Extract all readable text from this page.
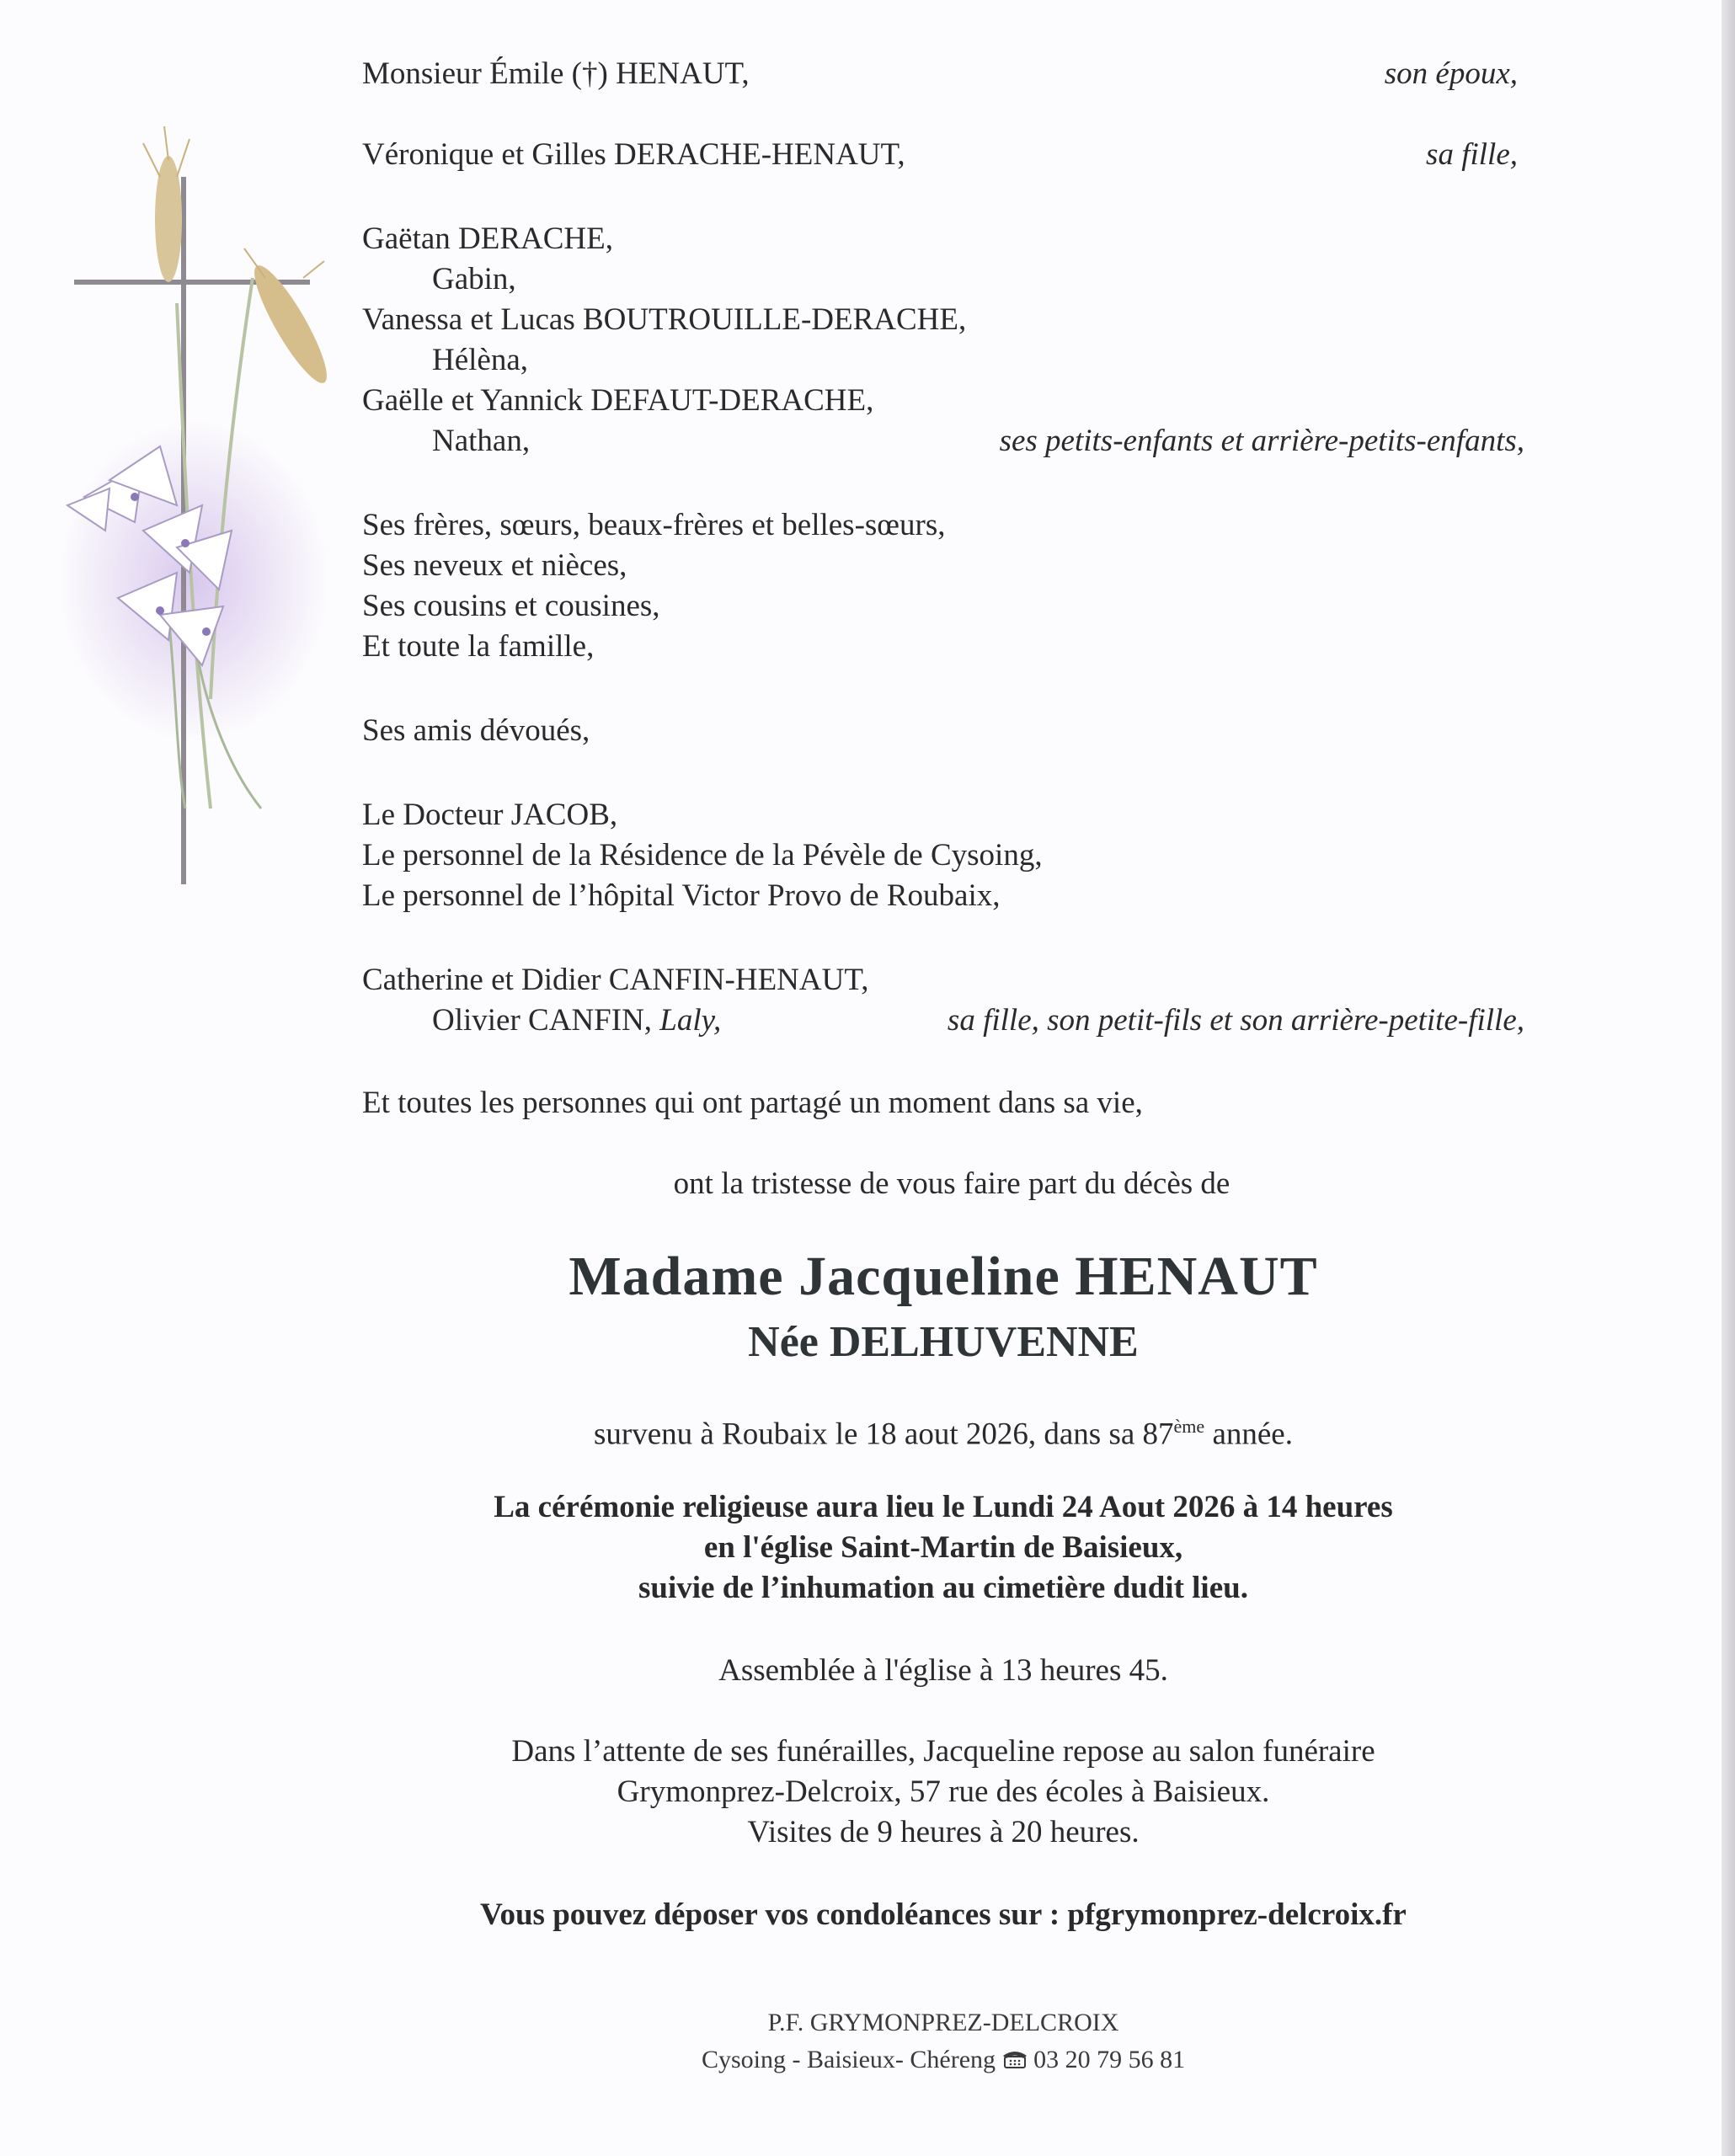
Monsieur Émile (†) HENAUT,	son époux,
Véronique et Gilles DERACHE-HENAUT,	sa fille,
Gaëtan DERACHE,
Gabin,
Vanessa et Lucas BOUTROUILLE-DERACHE,
Hélèna,
Gaëlle et Yannick DEFAUT-DERACHE,
Nathan,	ses petits-enfants et arrière-petits-enfants,
Ses frères, sœurs, beaux-frères et belles-sœurs,
Ses neveux et nièces,
Ses cousins et cousines,
Et toute la famille,
Ses amis dévoués,
Le Docteur JACOB,
Le personnel de la Résidence de la Pévèle de Cysoing,
Le personnel de l’hôpital Victor Provo de Roubaix,
Catherine et Didier CANFIN-HENAUT,
Olivier CANFIN, Laly,	sa fille, son petit-fils et son arrière-petite-fille,
Et toutes les personnes qui ont partagé un moment dans sa vie,
ont la tristesse de vous faire part du décès de
Madame Jacqueline HENAUT
Née DELHUVENNE
survenu à Roubaix le 18 aout 2026, dans sa 87ème année.
La cérémonie religieuse aura lieu le Lundi 24 Aout 2026 à 14 heures
en l'église Saint-Martin de Baisieux,
suivie de l’inhumation au cimetière dudit lieu.
Assemblée à l'église à 13 heures 45.
Dans l’attente de ses funérailles, Jacqueline repose au salon funéraire
Grymonprez-Delcroix, 57 rue des écoles à Baisieux.
Visites de 9 heures à 20 heures.
Vous pouvez déposer vos condoléances sur : pfgrymonprez-delcroix.fr
P.F. GRYMONPREZ-DELCROIX
Cysoing - Baisieux- Chéreng 03 20 79 56 81
